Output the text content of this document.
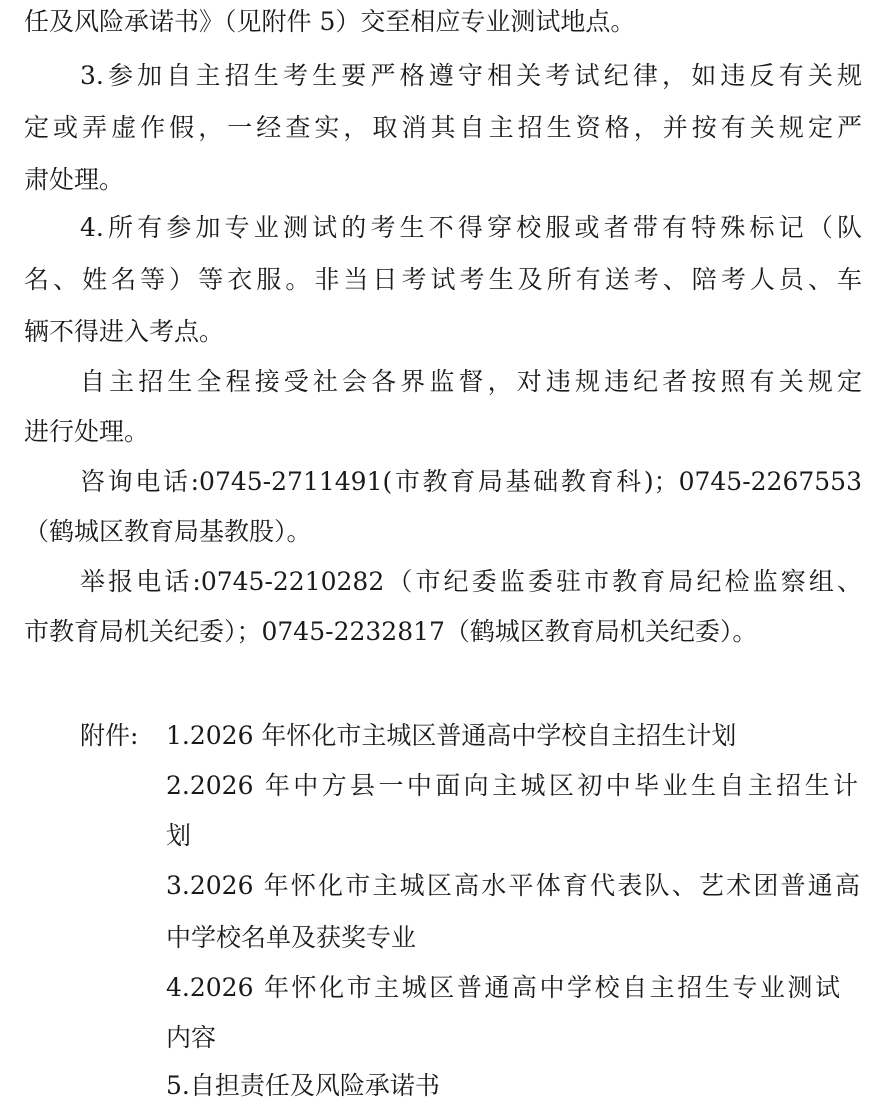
任及风险承诺书》（见附件 5）交至相应专业测试地点。
3.参加自主招生考生要严格遵守相关考试纪律，如违反有关规
定或弄虚作假，一经查实，取消其自主招生资格，并按有关规定严
肃处理。
4.所有参加专业测试的考生不得穿校服或者带有特殊标记（队
名、姓名等）等衣服。非当日考试考生及所有送考、陪考人员、车
辆不得进入考点。
自主招生全程接受社会各界监督，对违规违纪者按照有关规定
进行处理。
咨询电话:0745-2711491(市教育局基础教育科)；0745-2267553
（鹤城区教育局基教股）。
举报电话:0745-2210282（市纪委监委驻市教育局纪检监察组、
市教育局机关纪委）；0745-2232817（鹤城区教育局机关纪委）。
附件: 1.2026 年怀化市主城区普通高中学校自主招生计划
2.2026 年中方县一中面向主城区初中毕业生自主招生计
划
3.2026 年怀化市主城区高水平体育代表队、艺术团普通高
中学校名单及获奖专业
4.2026 年怀化市主城区普通高中学校自主招生专业测试
内容
5.自担责任及风险承诺书
